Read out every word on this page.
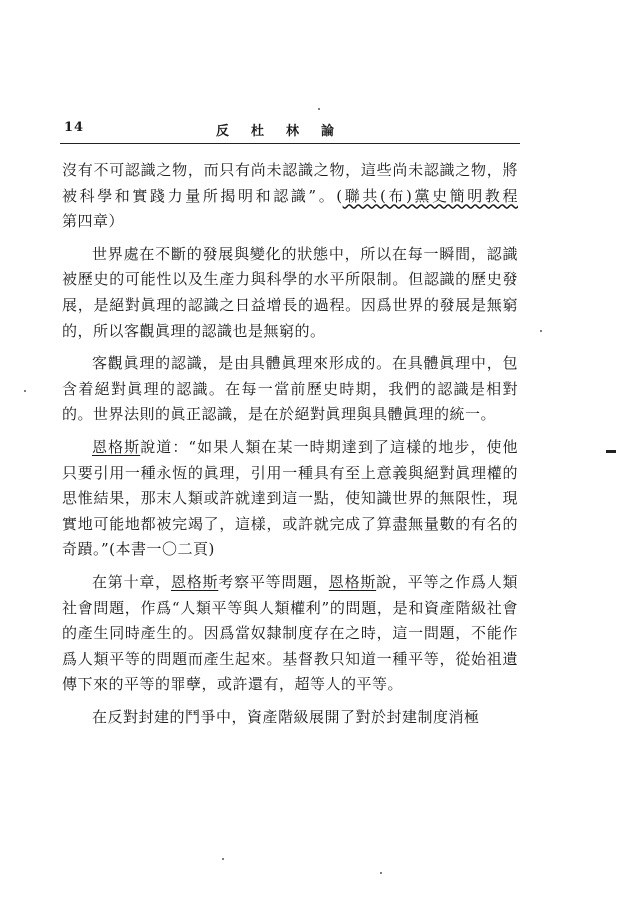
14	反杜林論

沒有不可認識之物，而只有尚未認識之物，這些尚未認識之物，將被科學和實踐力量所揭明和認識”。(聯共(布)黨史簡明教程第四章）

世界處在不斷的發展與變化的狀態中，所以在每一瞬間，認識被歷史的可能性以及生產力與科學的水平所限制。但認識的歷史發展，是絕對眞理的認識之日益增長的過程。因爲世界的發展是無窮的，所以客觀眞理的認識也是無窮的。

客觀眞理的認識，是由具體眞理來形成的。在具體眞理中，包含着絕對眞理的認識。在每一當前歷史時期，我們的認識是相對的。世界法則的眞正認識，是在於絕對眞理與具體眞理的統一。

恩格斯說道：“如果人類在某一時期達到了這樣的地步，使他只要引用一種永恆的眞理，引用一種具有至上意義與絕對眞理權的思惟結果，那末人類或許就達到這一點，使知識世界的無限性，現實地可能地都被完竭了，這樣，或許就完成了算盡無量數的有名的奇蹟。”(本書一〇二頁)

在第十章，恩格斯考察平等問題，恩格斯說，平等之作爲人類社會問題，作爲“人類平等與人類權利”的問題，是和資產階級社會的產生同時產生的。因爲當奴隸制度存在之時，這一問題，不能作爲人類平等的問題而產生起來。基督教只知道一種平等，從始祖遺傳下來的平等的罪孽，或許還有，超等人的平等。

在反對封建的鬥爭中，資產階級展開了對於封建制度消極
